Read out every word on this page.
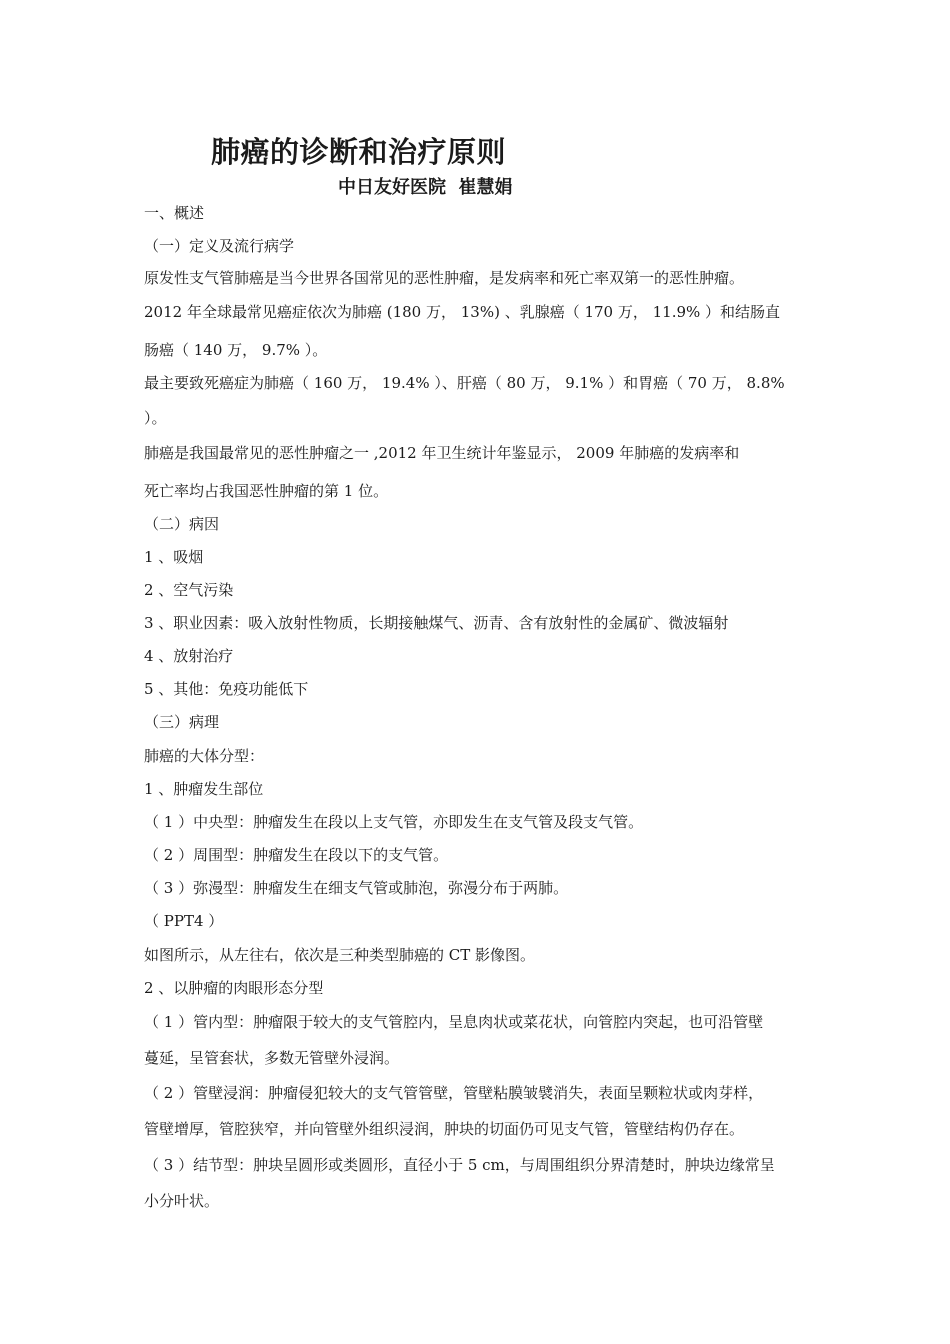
肺癌的诊断和治疗原则
中日友好医院  崔慧娟
一、概述
（一）定义及流行病学
原发性支气管肺癌是当今世界各国常见的恶性肿瘤，是发病率和死亡率双第一的恶性肿瘤。
2012 年全球最常见癌症依次为肺癌 (180 万， 13%) 、乳腺癌（ 170 万， 11.9% ）和结肠直
肠癌（ 140 万， 9.7% ）。
最主要致死癌症为肺癌（ 160 万， 19.4% ）、肝癌（ 80 万， 9.1% ）和胃癌（ 70 万， 8.8%
）。
肺癌是我国最常见的恶性肿瘤之一 ,2012 年卫生统计年鉴显示， 2009 年肺癌的发病率和
死亡率均占我国恶性肿瘤的第 1 位。
（二）病因
1 、吸烟
2 、空气污染
3 、职业因素：吸入放射性物质，长期接触煤气、沥青、含有放射性的金属矿、微波辐射
4 、放射治疗
5 、其他：免疫功能低下
（三）病理
肺癌的大体分型：
1 、肿瘤发生部位
（ 1 ）中央型：肿瘤发生在段以上支气管，亦即发生在支气管及段支气管。
（ 2 ）周围型：肿瘤发生在段以下的支气管。
（ 3 ）弥漫型：肿瘤发生在细支气管或肺泡，弥漫分布于两肺。
（ PPT4 ）
如图所示，从左往右，依次是三种类型肺癌的 CT 影像图。
2 、以肿瘤的肉眼形态分型
（ 1 ）管内型：肿瘤限于较大的支气管腔内，呈息肉状或菜花状，向管腔内突起，也可沿管壁
蔓延，呈管套状，多数无管壁外浸润。
（ 2 ）管壁浸润：肿瘤侵犯较大的支气管管壁，管壁粘膜皱襞消失，表面呈颗粒状或肉芽样，
管壁增厚，管腔狭窄，并向管壁外组织浸润，肿块的切面仍可见支气管，管壁结构仍存在。
（ 3 ）结节型：肿块呈圆形或类圆形，直径小于 5 cm，与周围组织分界清楚时，肿块边缘常呈
小分叶状。
